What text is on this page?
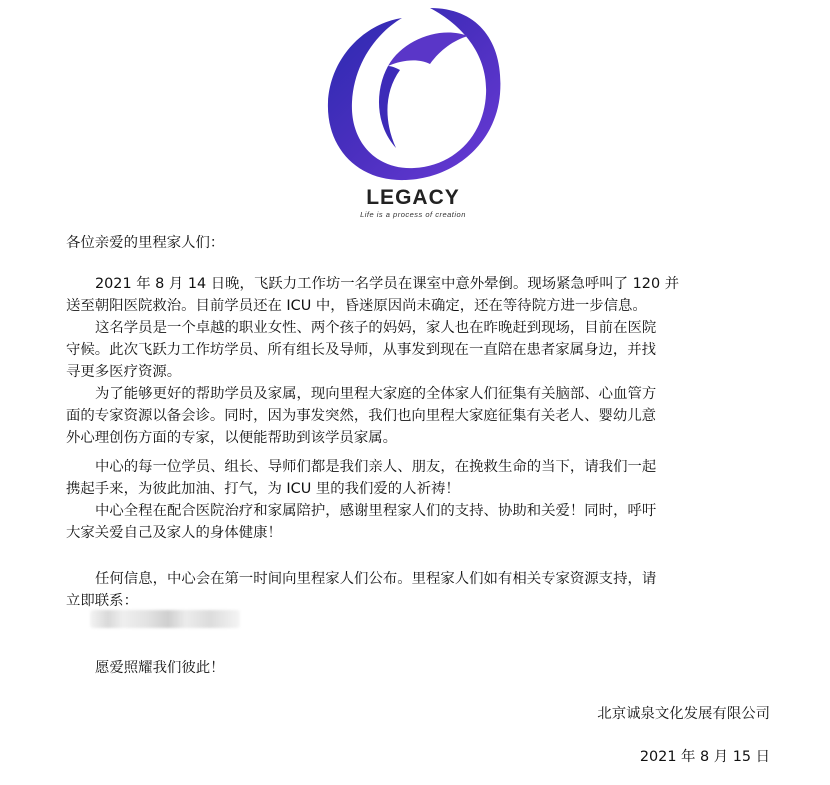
LEGACY
Life is a process of creation
各位亲爱的里程家人们：
2021 年 8 月 14 日晚，飞跃力工作坊一名学员在课室中意外晕倒。现场紧急呼叫了 120 并
送至朝阳医院救治。目前学员还在 ICU 中，昏迷原因尚未确定，还在等待院方进一步信息。
这名学员是一个卓越的职业女性、两个孩子的妈妈，家人也在昨晚赶到现场，目前在医院
守候。此次飞跃力工作坊学员、所有组长及导师，从事发到现在一直陪在患者家属身边，并找
寻更多医疗资源。
为了能够更好的帮助学员及家属，现向里程大家庭的全体家人们征集有关脑部、心血管方
面的专家资源以备会诊。同时，因为事发突然，我们也向里程大家庭征集有关老人、婴幼儿意
外心理创伤方面的专家，以便能帮助到该学员家属。
中心的每一位学员、组长、导师们都是我们亲人、朋友，在挽救生命的当下，请我们一起
携起手来，为彼此加油、打气，为 ICU 里的我们爱的人祈祷！
中心全程在配合医院治疗和家属陪护，感谢里程家人们的支持、协助和关爱！同时，呼吁
大家关爱自己及家人的身体健康！
任何信息，中心会在第一时间向里程家人们公布。里程家人们如有相关专家资源支持，请
立即联系：
愿爱照耀我们彼此！
北京诚泉文化发展有限公司
2021 年 8 月 15 日
